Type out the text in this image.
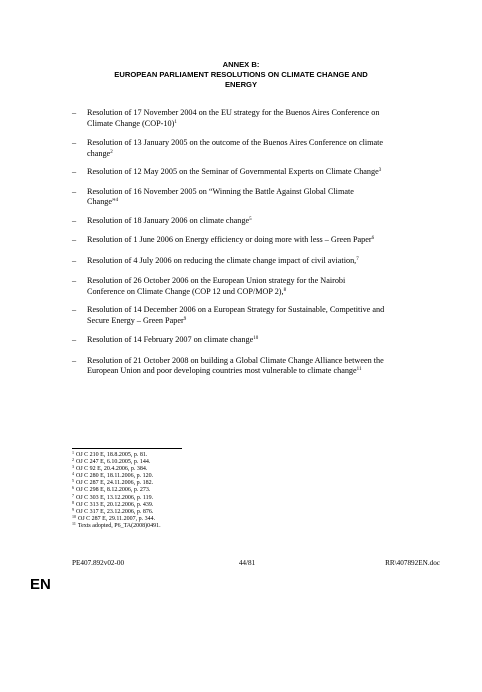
ANNEX B:
EUROPEAN PARLIAMENT RESOLUTIONS ON CLIMATE CHANGE AND
ENERGY
– Resolution of 17 November 2004 on the EU strategy for the Buenos Aires Conference on
Climate Change (COP-10)$^1$
– Resolution of 13 January 2005 on the outcome of the Buenos Aires Conference on climate
change$^2$
– Resolution of 12 May 2005 on the Seminar of Governmental Experts on Climate Change$^3$
– Resolution of 16 November 2005 on “Winning the Battle Against Global Climate
Change”$^4$
– Resolution of 18 January 2006 on climate change$^5$
– Resolution of 1 June 2006 on Energy efficiency or doing more with less – Green Paper$^6$
– Resolution of 4 July 2006 on reducing the climate change impact of civil aviation,$^7$
– Resolution of 26 October 2006 on the European Union strategy for the Nairobi
Conference on Climate Change (COP 12 und COP/MOP 2),$^8$
– Resolution of 14 December 2006 on a European Strategy for Sustainable, Competitive and
Secure Energy – Green Paper$^9$
– Resolution of 14 February 2007 on climate change$^{10}$
– Resolution of 21 October 2008 on building a Global Climate Change Alliance between the
European Union and poor developing countries most vulnerable to climate change$^{11}$
$^1$ OJ C 210 E, 18.8.2005, p. 81.
$^2$ OJ C 247 E, 6.10.2005, p. 144.
$^3$ OJ C 92 E, 20.4.2006, p. 384.
$^4$ OJ C 280 E, 18.11.2006, p. 120.
$^5$ OJ C 287 E, 24.11.2006, p. 182.
$^6$ OJ C 298 E, 8.12.2006, p. 273.
$^7$ OJ C 303 E, 13.12.2006, p. 119.
$^8$ OJ C 313 E, 20.12.2006, p. 439.
$^9$ OJ C 317 E, 23.12.2006, p. 876.
$^{10}$ OJ C 287 E, 29.11.2007, p. 344.
$^{11}$ Texts adopted, P6_TA(2008)0491.
PE407.892v02-00	44/81	RR\407892EN.doc
EN
